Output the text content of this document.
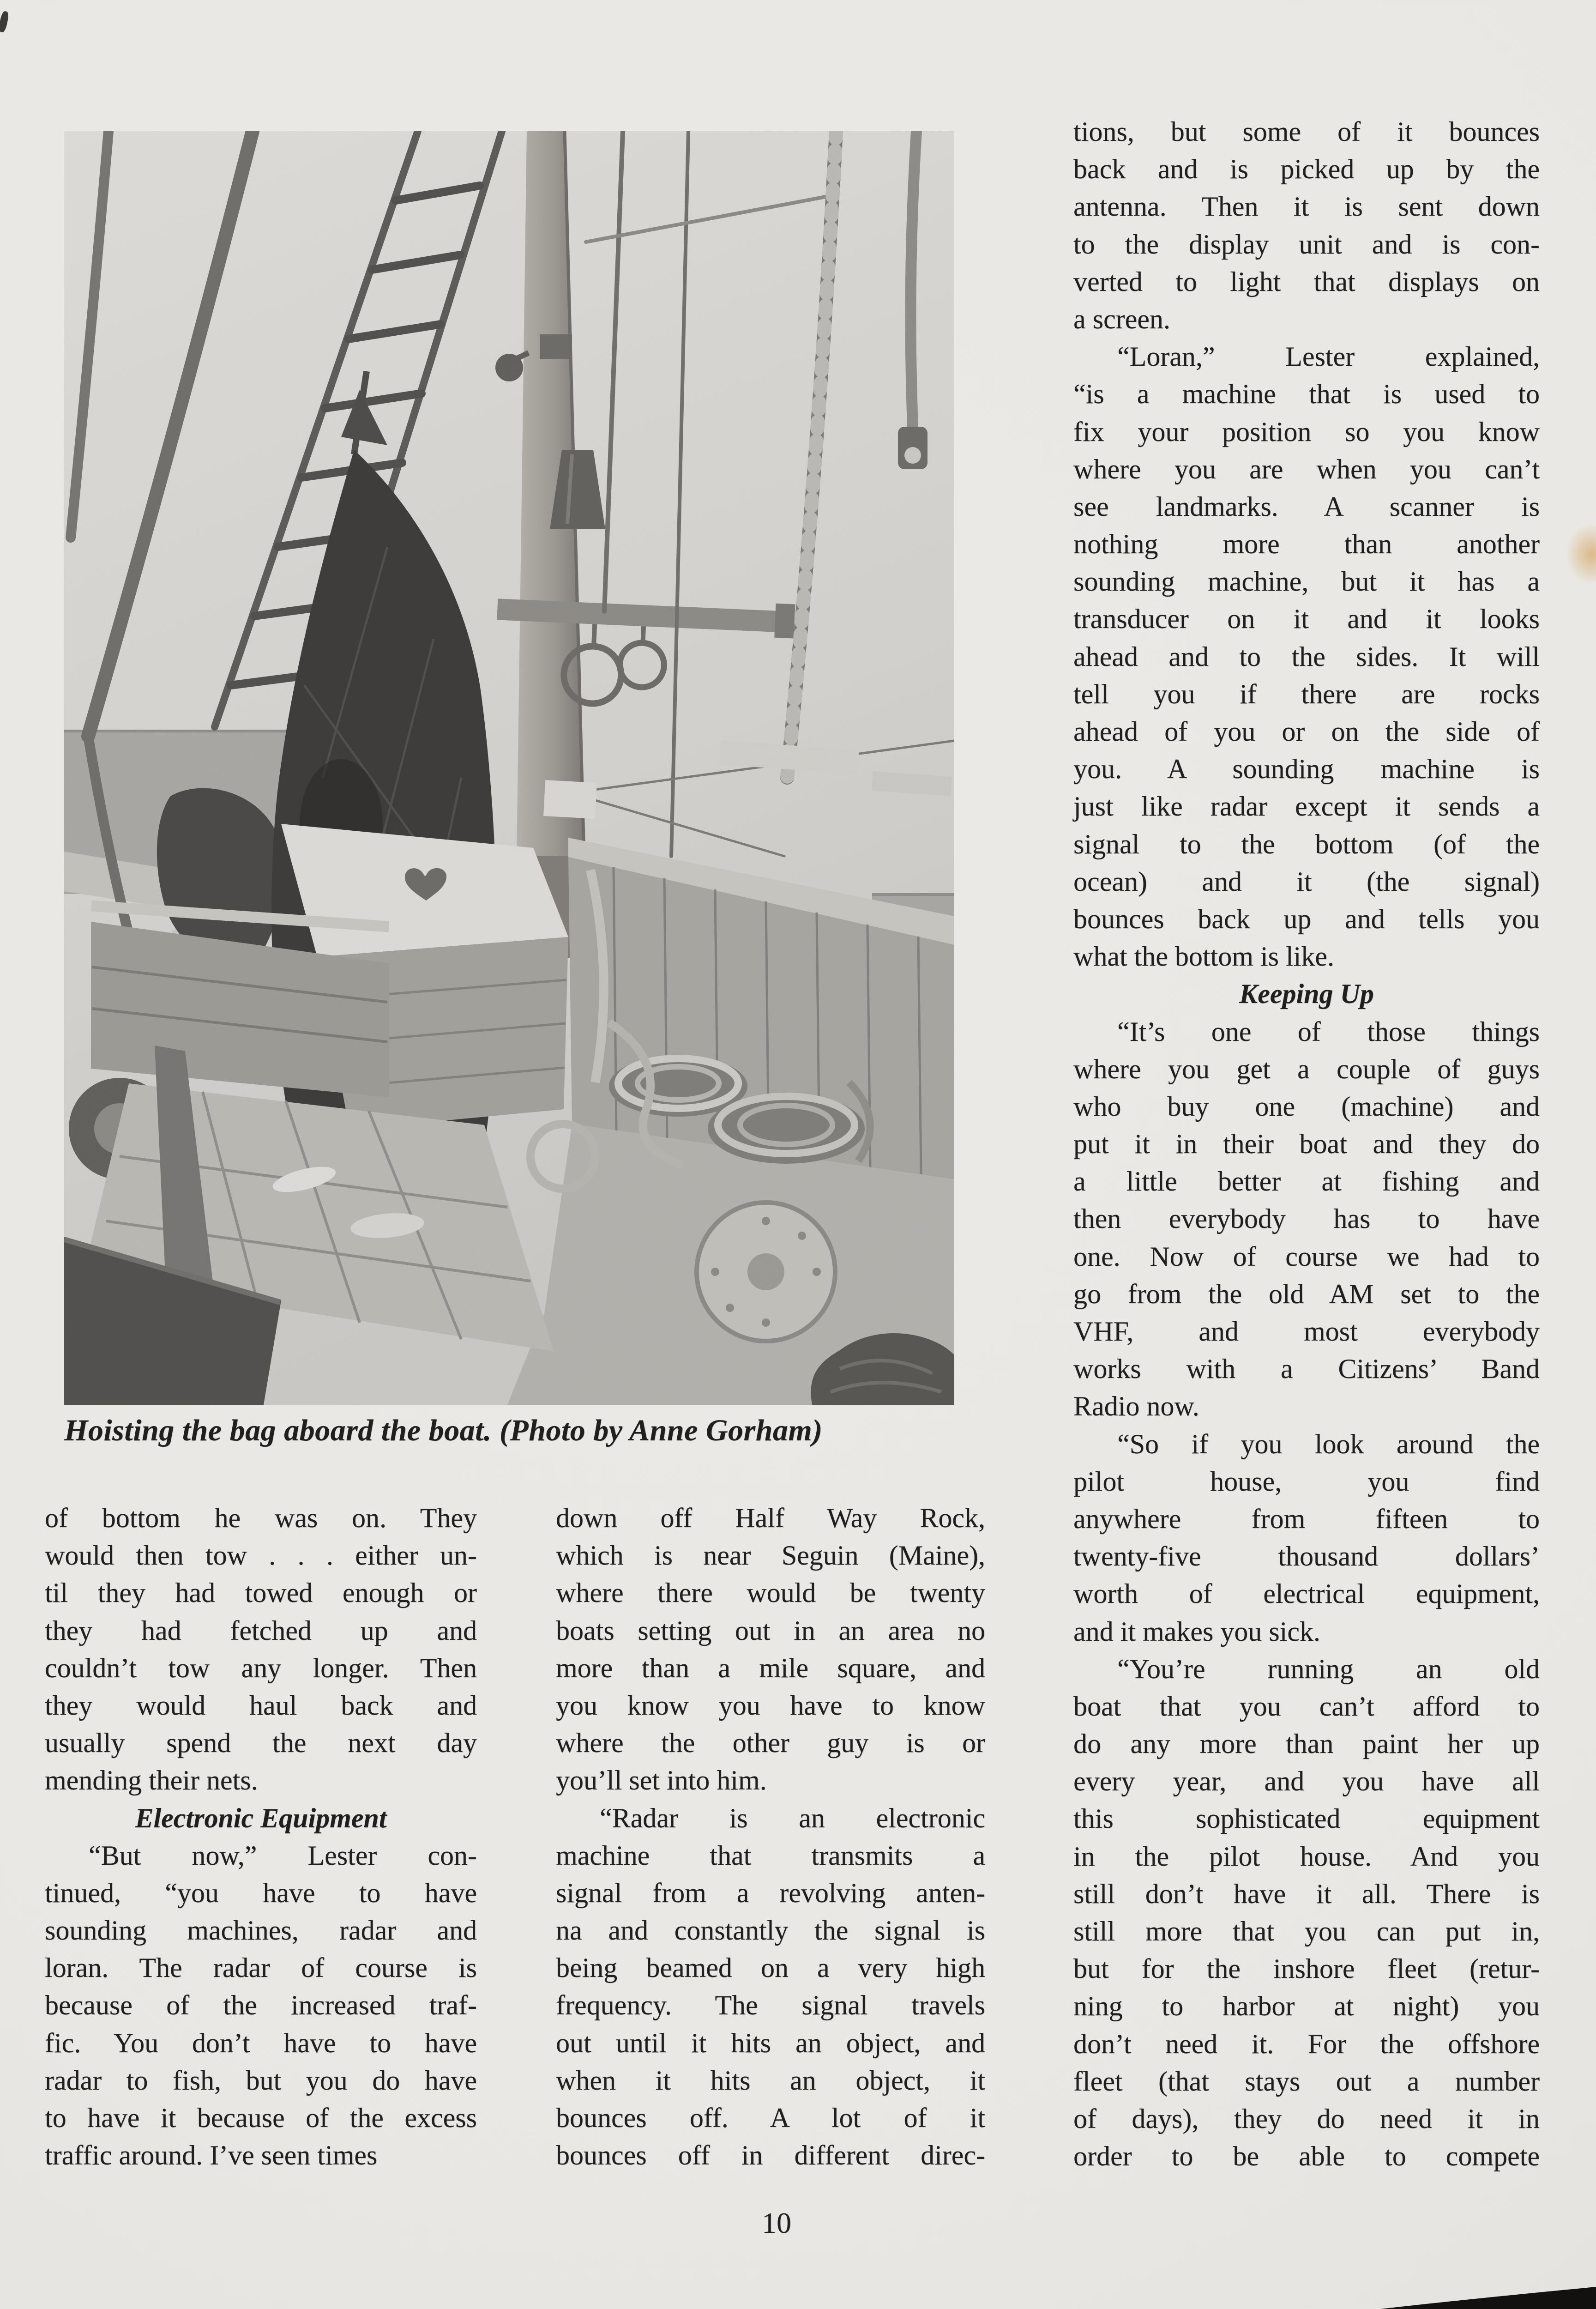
Hoisting the bag aboard the boat. (Photo by Anne Gorham)
of bottom he was on. They
would then tow . . . either un-
til they had towed enough or
they had fetched up and
couldn’t tow any longer. Then
they would haul back and
usually spend the next day
mending their nets.
Electronic Equipment
“But now,” Lester con-
tinued, “you have to have
sounding machines, radar and
loran. The radar of course is
because of the increased traf-
fic. You don’t have to have
radar to fish, but you do have
to have it because of the excess
traffic around. I’ve seen times
down off Half Way Rock,
which is near Seguin (Maine),
where there would be twenty
boats setting out in an area no
more than a mile square, and
you know you have to know
where the other guy is or
you’ll set into him.
“Radar is an electronic
machine that transmits a
signal from a revolving anten-
na and constantly the signal is
being beamed on a very high
frequency. The signal travels
out until it hits an object, and
when it hits an object, it
bounces off. A lot of it
bounces off in different direc-
tions, but some of it bounces
back and is picked up by the
antenna. Then it is sent down
to the display unit and is con-
verted to light that displays on
a screen.
“Loran,” Lester explained,
“is a machine that is used to
fix your position so you know
where you are when you can’t
see landmarks. A scanner is
nothing more than another
sounding machine, but it has a
transducer on it and it looks
ahead and to the sides. It will
tell you if there are rocks
ahead of you or on the side of
you. A sounding machine is
just like radar except it sends a
signal to the bottom (of the
ocean) and it (the signal)
bounces back up and tells you
what the bottom is like.
Keeping Up
“It’s one of those things
where you get a couple of guys
who buy one (machine) and
put it in their boat and they do
a little better at fishing and
then everybody has to have
one. Now of course we had to
go from the old AM set to the
VHF, and most everybody
works with a Citizens’ Band
Radio now.
“So if you look around the
pilot house, you find
anywhere from fifteen to
twenty-five thousand dollars’
worth of electrical equipment,
and it makes you sick.
“You’re running an old
boat that you can’t afford to
do any more than paint her up
every year, and you have all
this sophisticated equipment
in the pilot house. And you
still don’t have it all. There is
still more that you can put in,
but for the inshore fleet (retur-
ning to harbor at night) you
don’t need it. For the offshore
fleet (that stays out a number
of days), they do need it in
order to be able to compete
10
